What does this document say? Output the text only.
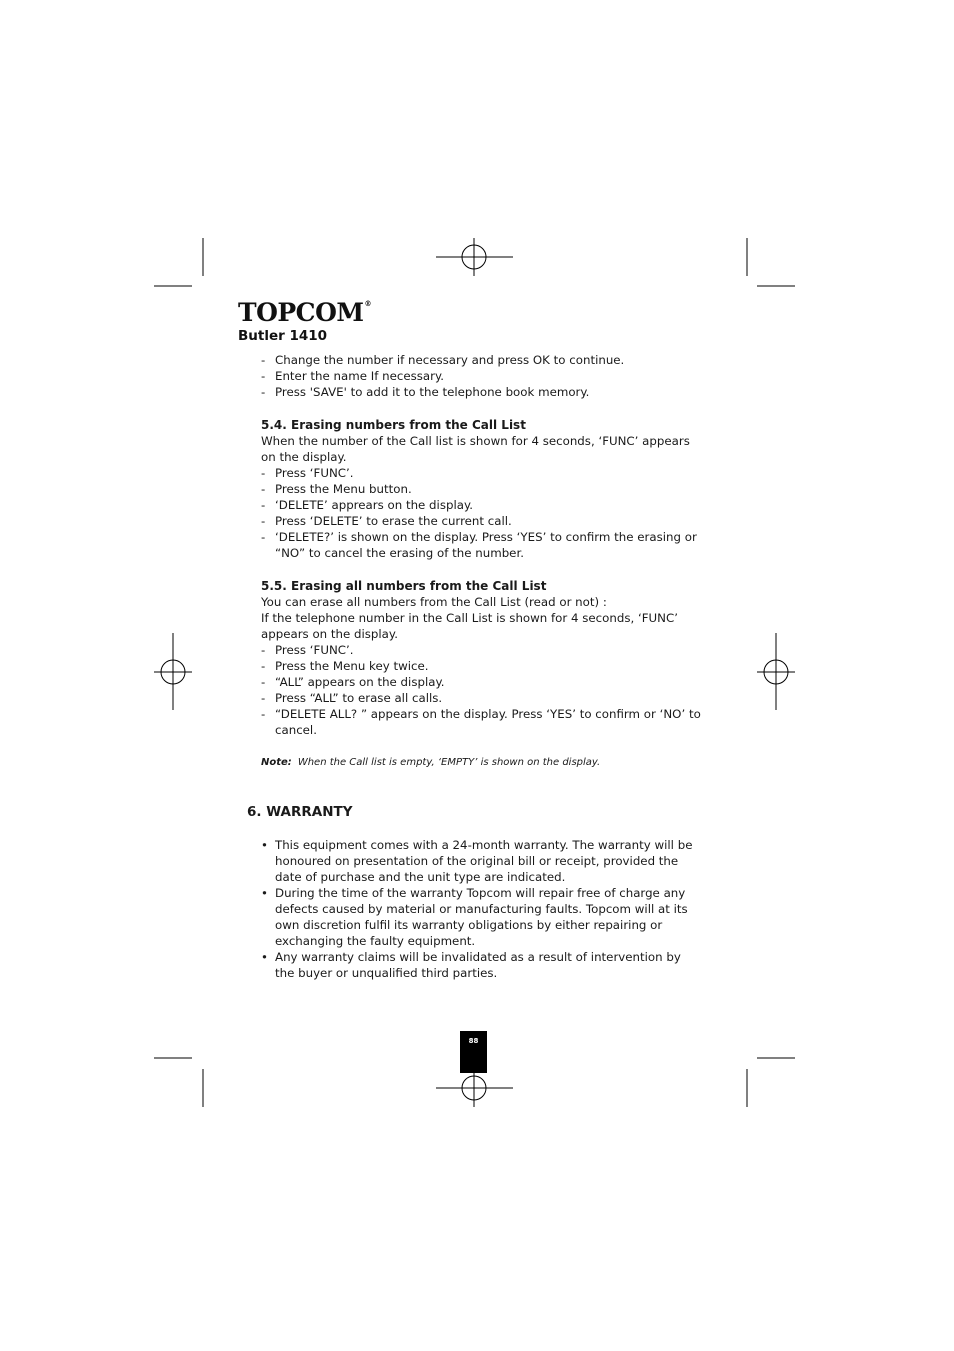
TOPCOM®
Butler 1410
- Change the number if necessary and press OK to continue.
- Enter the name If necessary.
- Press 'SAVE' to add it to the telephone book memory.
5.4. Erasing numbers from the Call List
When the number of the Call list is shown for 4 seconds, ‘FUNC’ appears on the display.
- Press ‘FUNC’.
- Press the Menu button.
- ‘DELETE’ apprears on the display.
- Press ‘DELETE’ to erase the current call.
- ‘DELETE?’ is shown on the display. Press ‘YES’ to confirm the erasing or “NO” to cancel the erasing of the number.
5.5. Erasing all numbers from the Call List
You can erase all numbers from the Call List (read or not) :
If the telephone number in the Call List is shown for 4 seconds, ‘FUNC’ appears on the display.
- Press ‘FUNC’.
- Press the Menu key twice.
- “ALL” appears on the display.
- Press “ALL” to erase all calls.
- “DELETE ALL? ” appears on the display. Press ‘YES’ to confirm or ‘NO’ to cancel.
Note: When the Call list is empty, ‘EMPTY’ is shown on the display.
6. WARRANTY
• This equipment comes with a 24-month warranty. The warranty will be honoured on presentation of the original bill or receipt, provided the date of purchase and the unit type are indicated.
• During the time of the warranty Topcom will repair free of charge any defects caused by material or manufacturing faults. Topcom will at its own discretion fulfil its warranty obligations by either repairing or exchanging the faulty equipment.
• Any warranty claims will be invalidated as a result of intervention by the buyer or unqualified third parties.
88
